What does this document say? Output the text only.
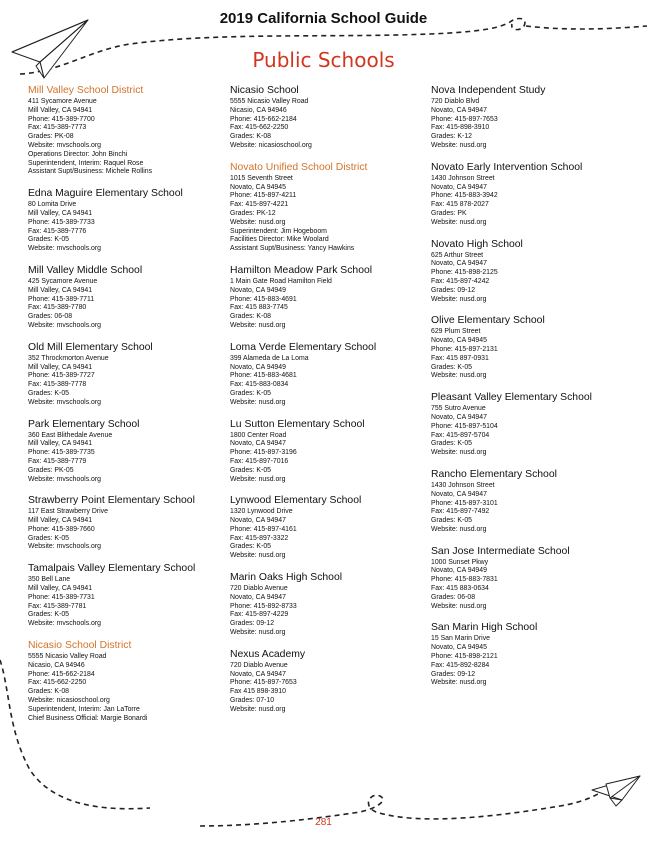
2019 California School Guide
Public Schools
Mill Valley School District
411 Sycamore Avenue
Mill Valley, CA 94941
Phone: 415-389-7700
Fax: 415-389-7773
Grades: PK-08
Website: mvschools.org
Operations Director: John Binchi
Superintendent, Interim: Raquel Rose
Assistant Supt/Business: Michele Rollins
Edna Maguire Elementary School
80 Lomita Drive
Mill Valley, CA 94941
Phone: 415-389-7733
Fax: 415-389-7776
Grades: K-05
Website: mvschools.org
Mill Valley Middle School
425 Sycamore Avenue
Mill Valley, CA 94941
Phone: 415-389-7711
Fax: 415-389-7780
Grades: 06-08
Website: mvschools.org
Old Mill Elementary School
352 Throckmorton Avenue
Mill Valley, CA 94941
Phone: 415-389-7727
Fax: 415-389-7778
Grades: K-05
Website: mvschools.org
Park Elementary School
360 East Blithedale Avenue
Mill Valley, CA 94941
Phone: 415-389-7735
Fax: 415-389-7779
Grades: PK-05
Website: mvschools.org
Strawberry Point Elementary School
117 East Strawberry Drive
Mill Valley, CA 94941
Phone: 415-389-7660
Grades: K-05
Website: mvschools.org
Tamalpais Valley Elementary School
350 Bell Lane
Mill Valley, CA 94941
Phone: 415-389-7731
Fax: 415-389-7781
Grades: K-05
Website: mvschools.org
Nicasio School District
5555 Nicasio Valley Road
Nicasio, CA 94946
Phone: 415-662-2184
Fax: 415-662-2250
Grades: K-08
Website: nicasioschool.org
Superintendent, Interim: Jan LaTorre
Chief Business Official: Margie Bonardi
Nicasio School
5555 Nicasio Valley Road
Nicasio, CA 94946
Phone: 415-662-2184
Fax: 415-662-2250
Grades: K-08
Website: nicasioschool.org
Novato Unified School District
1015 Seventh Street
Novato, CA 94945
Phone: 415-897-4211
Fax: 415-897-4221
Grades: PK-12
Website: nusd.org
Superintendent: Jim Hogeboom
Facilities Director: Mike Woolard
Assistant Supt/Business: Yancy Hawkins
Hamilton Meadow Park School
1 Main Gate Road Hamilton Field
Novato, CA 94949
Phone: 415-883-4691
Fax: 415 883-7745
Grades: K-08
Website: nusd.org
Loma Verde Elementary School
399 Alameda de La Loma
Novato, CA 94949
Phone: 415-883-4681
Fax: 415-883-0834
Grades: K-05
Website: nusd.org
Lu Sutton Elementary School
1800 Center Road
Novato, CA 94947
Phone: 415-897-3196
Fax: 415-897-7016
Grades: K-05
Website: nusd.org
Lynwood Elementary School
1320 Lynwood Drive
Novato, CA 94947
Phone: 415-897-4161
Fax: 415-897-3322
Grades: K-05
Website: nusd.org
Marin Oaks High School
720 Diablo Avenue
Novato, CA 94947
Phone: 415-892-8733
Fax: 415-897-4229
Grades: 09-12
Website: nusd.org
Nexus Academy
720 Diablo Avenue
Novato, CA 94947
Phone: 415-897-7653
Fax 415 898-3910
Grades: 07-10
Website: nusd.org
Nova Independent Study
720 Diablo Blvd
Novato, CA 94947
Phone: 415-897-7653
Fax: 415-898-3910
Grades: K-12
Website: nusd.org
Novato Early Intervention School
1430 Johnson Street
Novato, CA 94947
Phone: 415-883-3942
Fax: 415 878-2027
Grades: PK
Website: nusd.org
Novato High School
625 Arthur Street
Novato, CA 94947
Phone: 415-898-2125
Fax: 415-897-4242
Grades: 09-12
Website: nusd.org
Olive Elementary School
629 Plum Street
Novato, CA 94945
Phone: 415-897-2131
Fax: 415 897-0931
Grades: K-05
Website: nusd.org
Pleasant Valley Elementary School
755 Sutro Avenue
Novato, CA 94947
Phone: 415-897-5104
Fax: 415-897-5704
Grades: K-05
Website: nusd.org
Rancho Elementary School
1430 Johnson Street
Novato, CA 94947
Phone: 415-897-3101
Fax: 415-897-7492
Grades: K-05
Website: nusd.org
San Jose Intermediate School
1000 Sunset Pkwy
Novato, CA 94949
Phone: 415-883-7831
Fax: 415 883-0634
Grades: 06-08
Website: nusd.org
San Marin High School
15 San Marin Drive
Novato, CA 94945
Phone: 415-898-2121
Fax: 415-892-8284
Grades: 09-12
Website: nusd.org
281
